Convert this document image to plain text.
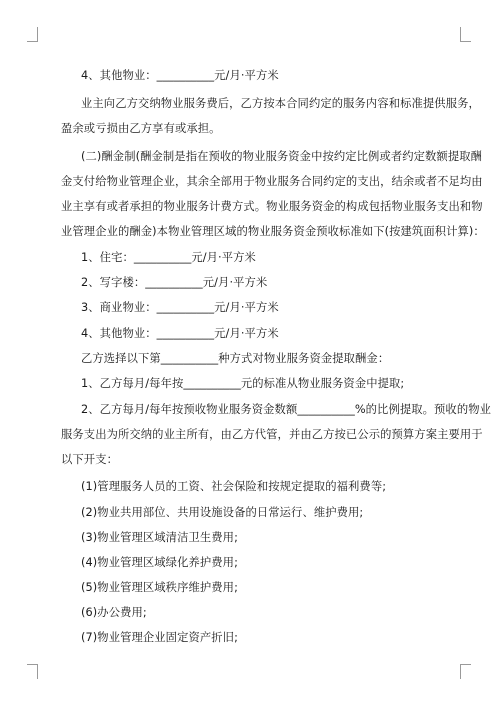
4、其他物业：__________元/月·平方米
业主向乙方交纳物业服务费后，乙方按本合同约定的服务内容和标准提供服务，
盈余或亏损由乙方享有或承担。
(二)酬金制(酬金制是指在预收的物业服务资金中按约定比例或者约定数额提取酬
金支付给物业管理企业，其余全部用于物业服务合同约定的支出，结余或者不足均由
业主享有或者承担的物业服务计费方式。物业服务资金的构成包括物业服务支出和物
业管理企业的酬金)本物业管理区域的物业服务资金预收标准如下(按建筑面积计算)：
1、住宅：__________元/月·平方米
2、写字楼：__________元/月·平方米
3、商业物业：__________元/月·平方米
4、其他物业：__________元/月·平方米
乙方选择以下第__________种方式对物业服务资金提取酬金：
1、乙方每月/每年按__________元的标准从物业服务资金中提取;
2、乙方每月/每年按预收物业服务资金数额__________%的比例提取。预收的物业
服务支出为所交纳的业主所有，由乙方代管，并由乙方按已公示的预算方案主要用于
以下开支：
(1)管理服务人员的工资、社会保险和按规定提取的福利费等;
(2)物业共用部位、共用设施设备的日常运行、维护费用;
(3)物业管理区域清洁卫生费用;
(4)物业管理区域绿化养护费用;
(5)物业管理区域秩序维护费用;
(6)办公费用;
(7)物业管理企业固定资产折旧;
